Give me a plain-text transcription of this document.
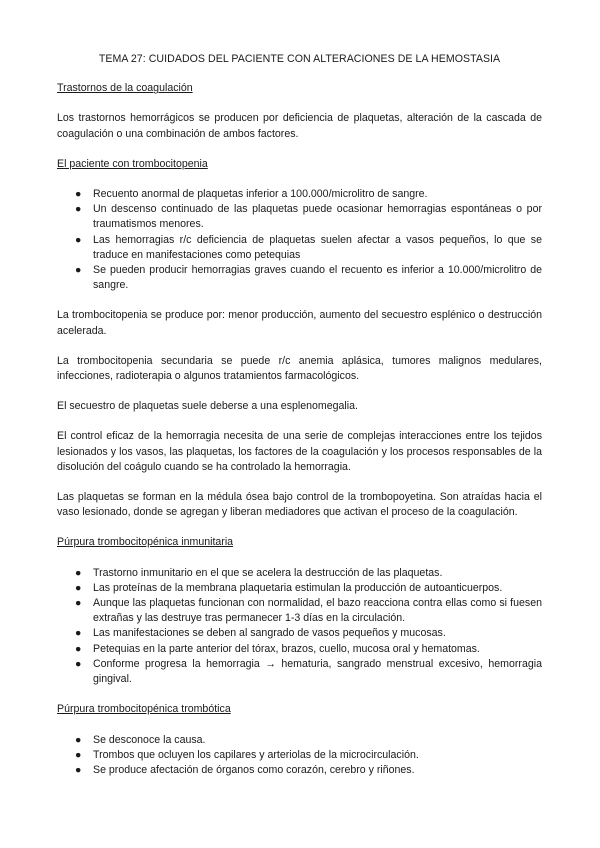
TEMA 27: CUIDADOS DEL PACIENTE CON ALTERACIONES DE LA HEMOSTASIA
Trastornos de la coagulación

Los trastornos hemorrágicos se producen por deficiencia de plaquetas, alteración de la cascada de coagulación o una combinación de ambos factores.

El paciente con trombocitopenia
● Recuento anormal de plaquetas inferior a 100.000/microlitro de sangre.
● Un descenso continuado de las plaquetas puede ocasionar hemorragias espontáneas o por traumatismos menores.
● Las hemorragias r/c deficiencia de plaquetas suelen afectar a vasos pequeños, lo que se traduce en manifestaciones como petequias
● Se pueden producir hemorragias graves cuando el recuento es inferior a 10.000/microlitro de sangre.

La trombocitopenia se produce por: menor producción, aumento del secuestro esplénico o destrucción acelerada.

La trombocitopenia secundaria se puede r/c anemia aplásica, tumores malignos medulares, infecciones, radioterapia o algunos tratamientos farmacológicos.

El secuestro de plaquetas suele deberse a una esplenomegalia.

El control eficaz de la hemorragia necesita de una serie de complejas interacciones entre los tejidos lesionados y los vasos, las plaquetas, los factores de la coagulación y los procesos responsables de la disolución del coágulo cuando se ha controlado la hemorragia.

Las plaquetas se forman en la médula ósea bajo control de la trombopoyetina. Son atraídas hacia el vaso lesionado, donde se agregan y liberan mediadores que activan el proceso de la coagulación.

Púrpura trombocitopénica inmunitaria
● Trastorno inmunitario en el que se acelera la destrucción de las plaquetas.
● Las proteínas de la membrana plaquetaria estimulan la producción de autoanticuerpos.
● Aunque las plaquetas funcionan con normalidad, el bazo reacciona contra ellas como si fuesen extrañas y las destruye tras permanecer 1-3 días en la circulación.
● Las manifestaciones se deben al sangrado de vasos pequeños y mucosas.
● Petequias en la parte anterior del tórax, brazos, cuello, mucosa oral y hematomas.
● Conforme progresa la hemorragia → hematuria, sangrado menstrual excesivo, hemorragia gingival.
Púrpura trombocitopénica trombótica
● Se desconoce la causa.
● Trombos que ocluyen los capilares y arteriolas de la microcirculación.
● Se produce afectación de órganos como corazón, cerebro y riñones.
